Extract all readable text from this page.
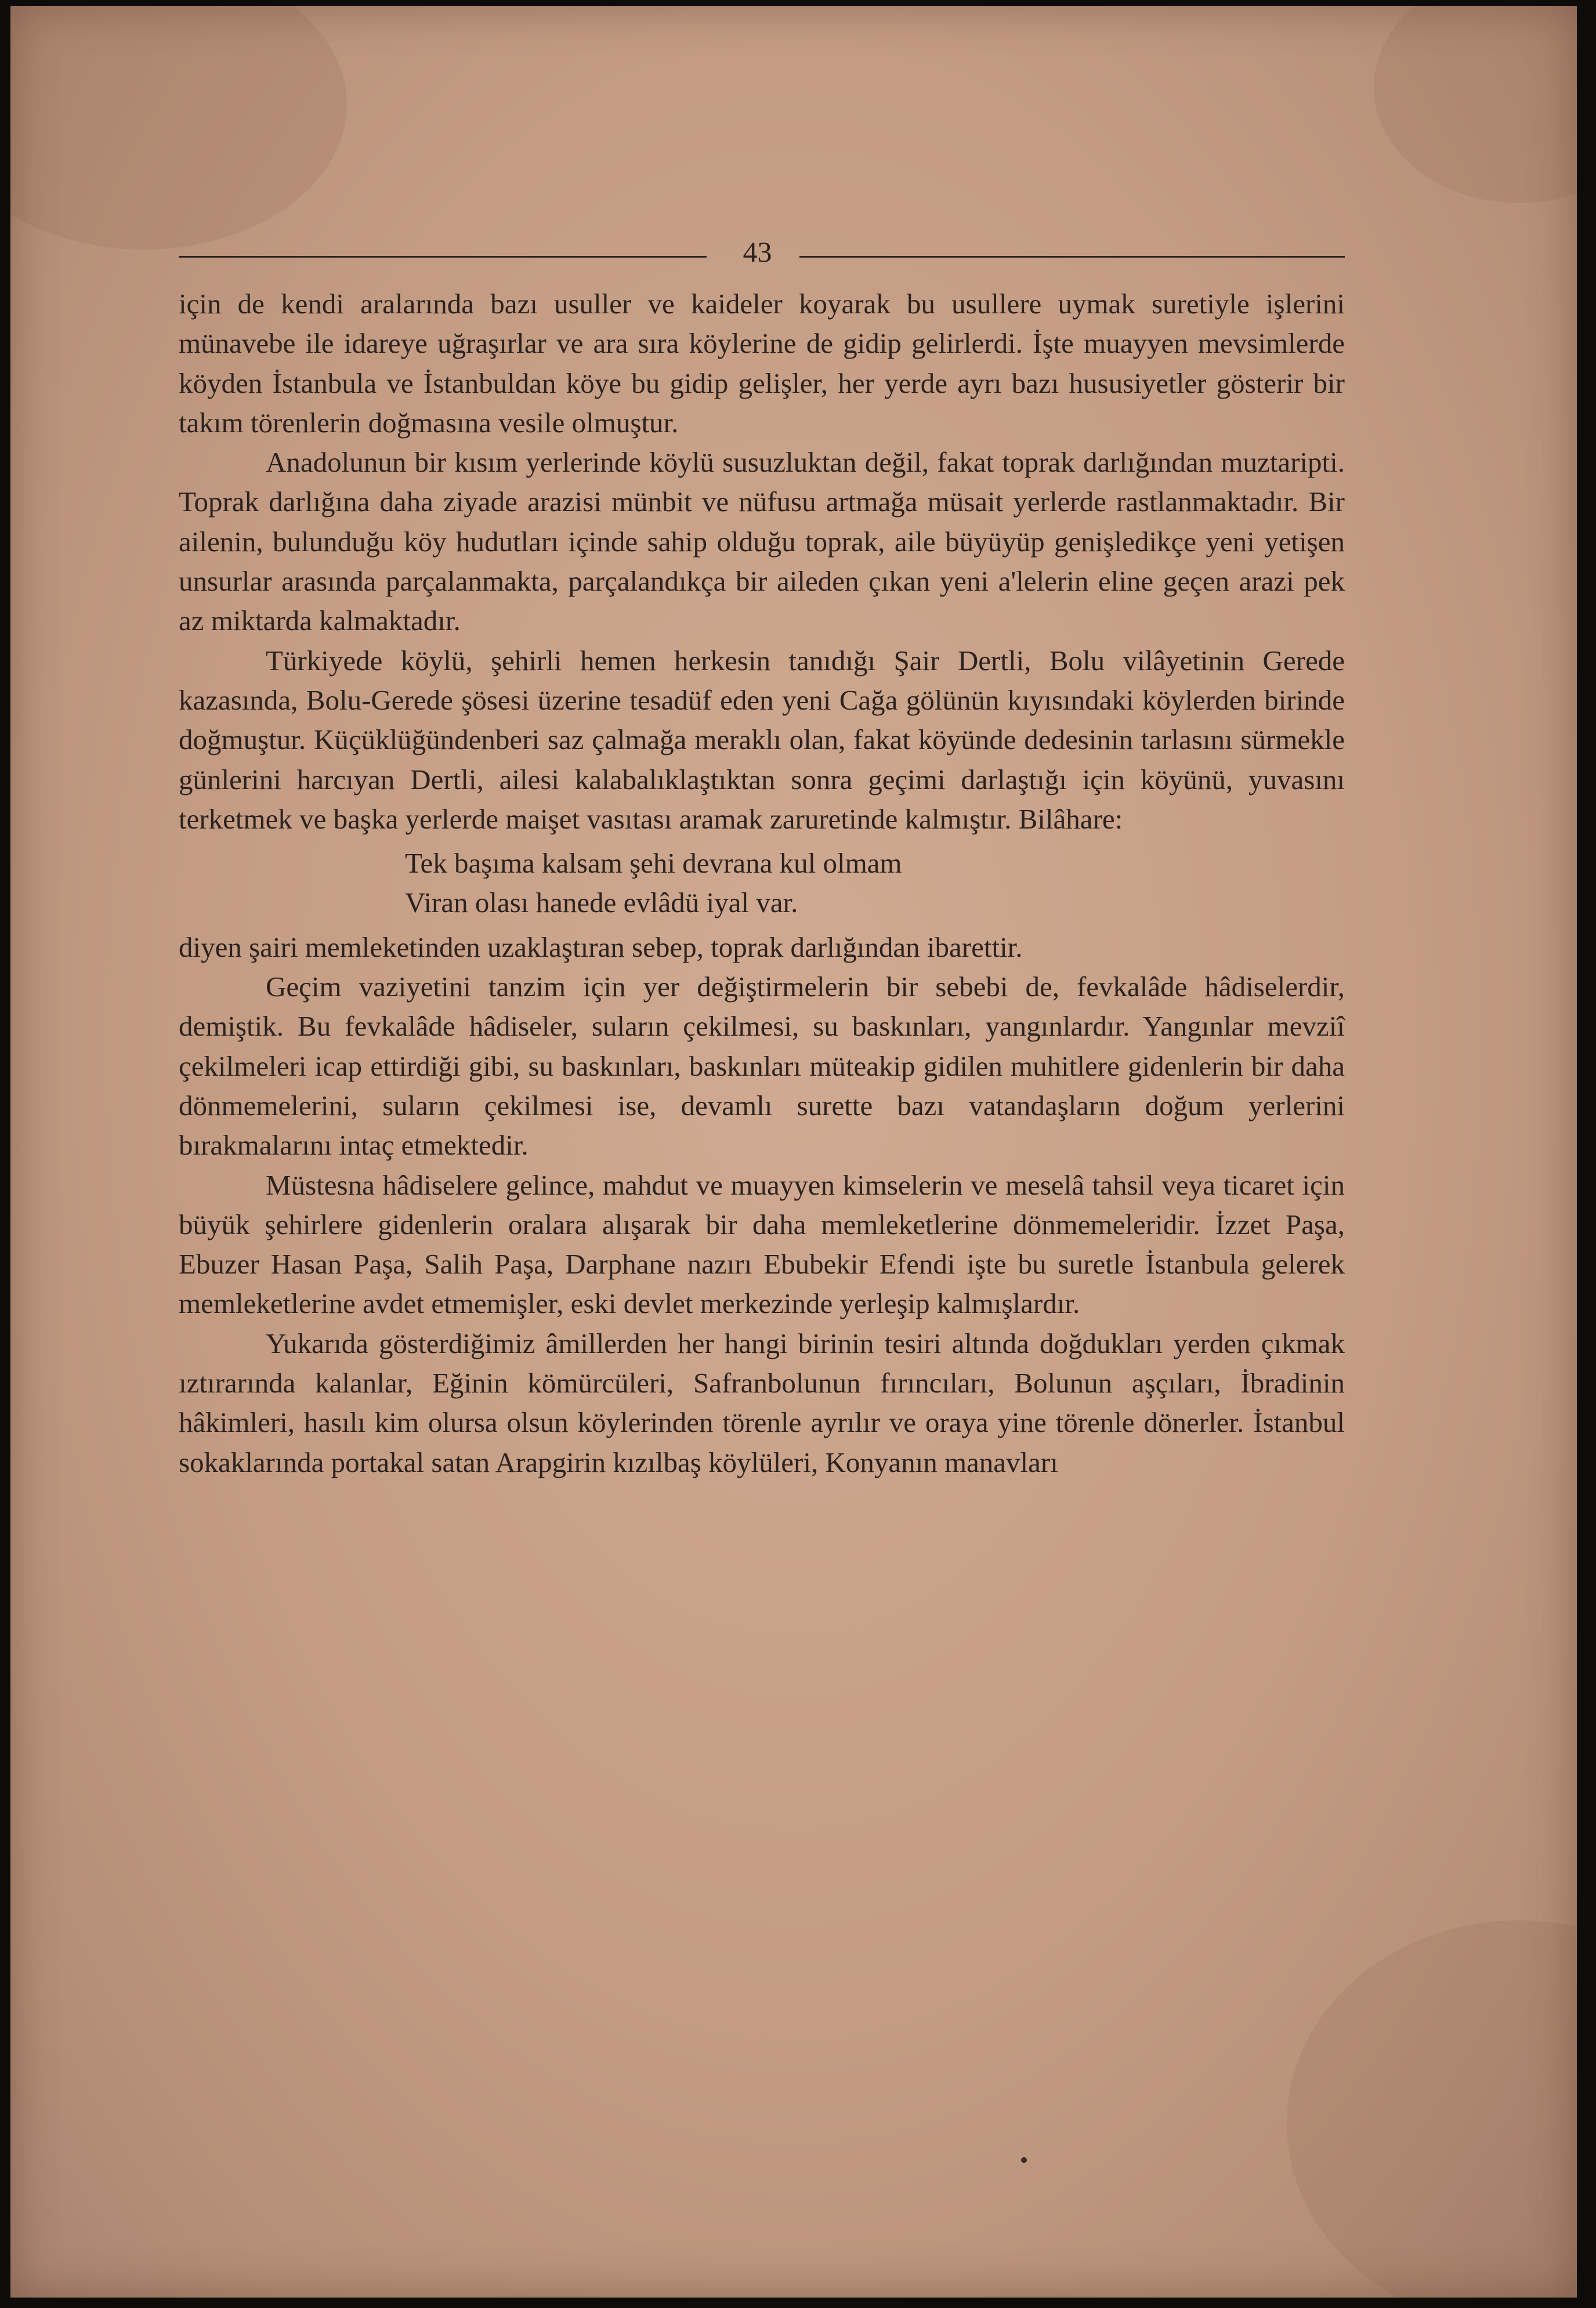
43

için de kendi aralarında bazı usuller ve kaideler koyarak bu usullere uymak suretiyle işlerini münavebe ile idareye uğraşırlar ve ara sıra köylerine de gidip gelirlerdi. İşte muayyen mevsimlerde köyden İstanbula ve İstanbuldan köye bu gidip gelişler, her yerde ayrı bazı hususiyetler gösterir bir takım törenlerin doğmasına vesile olmuştur.

Anadolunun bir kısım yerlerinde köylü susuzluktan değil, fakat toprak darlığından muztaripti. Toprak darlığına daha ziyade arazisi münbit ve nüfusu artmağa müsait yerlerde rastlanmaktadır. Bir ailenin, bulunduğu köy hudutları içinde sahip olduğu toprak, aile büyüyüp genişledikçe yeni yetişen unsurlar arasında parçalanmakta, parçalandıkça bir aileden çıkan yeni a'lelerin eline geçen arazi pek az miktarda kalmaktadır.

Türkiyede köylü, şehirli hemen herkesin tanıdığı Şair Dertli, Bolu vilâyetinin Gerede kazasında, Bolu-Gerede şösesi üzerine tesadüf eden yeni Cağa gölünün kıyısındaki köylerden birinde doğmuştur. Küçüklüğündenberi saz çalmağa meraklı olan, fakat köyünde dedesinin tarlasını sürmekle günlerini harcıyan Dertli, ailesi kalabalıklaştıktan sonra geçimi darlaştığı için köyünü, yuvasını terketmek ve başka yerlerde maişet vasıtası aramak zaruretinde kalmıştır. Bilâhare:

Tek başıma kalsam şehi devrana kul olmam
Viran olası hanede evlâdü iyal var.

diyen şairi memleketinden uzaklaştıran sebep, toprak darlığından ibarettir.

Geçim vaziyetini tanzim için yer değiştirmelerin bir sebebi de, fevkalâde hâdiselerdir, demiştik. Bu fevkalâde hâdiseler, suların çekilmesi, su baskınları, yangınlardır. Yangınlar mevziî çekilmeleri icap ettirdiği gibi, su baskınları, baskınları müteakip gidilen muhitlere gidenlerin bir daha dönmemelerini, suların çekilmesi ise, devamlı surette bazı vatandaşların doğum yerlerini bırakmalarını intaç etmektedir.

Müstesna hâdiselere gelince, mahdut ve muayyen kimselerin ve meselâ tahsil veya ticaret için büyük şehirlere gidenlerin oralara alışarak bir daha memleketlerine dönmemeleridir. İzzet Paşa, Ebuzer Hasan Paşa, Salih Paşa, Darphane nazırı Ebubekir Efendi işte bu suretle İstanbula gelerek memleketlerine avdet etmemişler, eski devlet merkezinde yerleşip kalmışlardır.

Yukarıda gösterdiğimiz âmillerden her hangi birinin tesiri altında doğdukları yerden çıkmak ıztırarında kalanlar, Eğinin kömürcüleri, Safranbolunun fırıncıları, Bolunun aşçıları, İbradinin hâkimleri, hasılı kim olursa olsun köylerinden törenle ayrılır ve oraya yine törenle dönerler. İstanbul sokaklarında portakal satan Arapgirin kızılbaş köylüleri, Konyanın manavları
